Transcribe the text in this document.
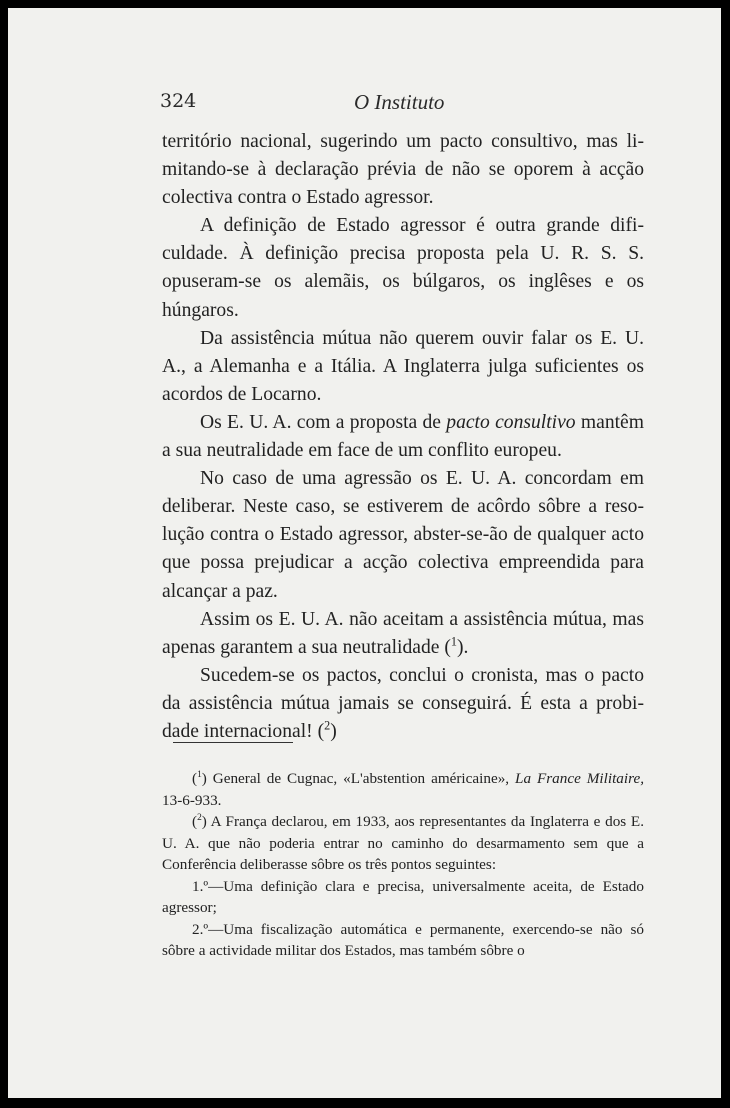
324	O Instituto

território nacional, sugerindo um pacto consultivo, mas limitando-se à declaração prévia de não se oporem à acção colectiva contra o Estado agressor.

A definição de Estado agressor é outra grande dificuldade. À definição precisa proposta pela U. R. S. S. opuseram-se os alemãis, os búlgaros, os inglêses e os húngaros.

Da assistência mútua não querem ouvir falar os E. U. A., a Alemanha e a Itália. A Inglaterra julga suficientes os acordos de Locarno.

Os E. U. A. com a proposta de pacto consultivo mantêm a sua neutralidade em face de um conflito europeu.

No caso de uma agressão os E. U. A. concordam em deliberar. Neste caso, se estiverem de acôrdo sôbre a resolução contra o Estado agressor, abster-se-ão de qualquer acto que possa prejudicar a acção colectiva empreendida para alcançar a paz.

Assim os E. U. A. não aceitam a assistência mútua, mas apenas garantem a sua neutralidade ($^1$).

Sucedem-se os pactos, conclui o cronista, mas o pacto da assistência mútua jamais se conseguirá. É esta a probidade internacional! ($^2$)

($^1$) General de Cugnac, «L'abstention américaine», La France Militaire, 13-6-933.

($^2$) A França declarou, em 1933, aos representantes da Inglaterra e dos E. U. A. que não poderia entrar no caminho do desarmamento sem que a Conferência deliberasse sôbre os três pontos seguintes:

1.º—Uma definição clara e precisa, universalmente aceita, de Estado agressor;

2.º—Uma fiscalização automática e permanente, exercendo-se não só sôbre a actividade militar dos Estados, mas também sôbre o
